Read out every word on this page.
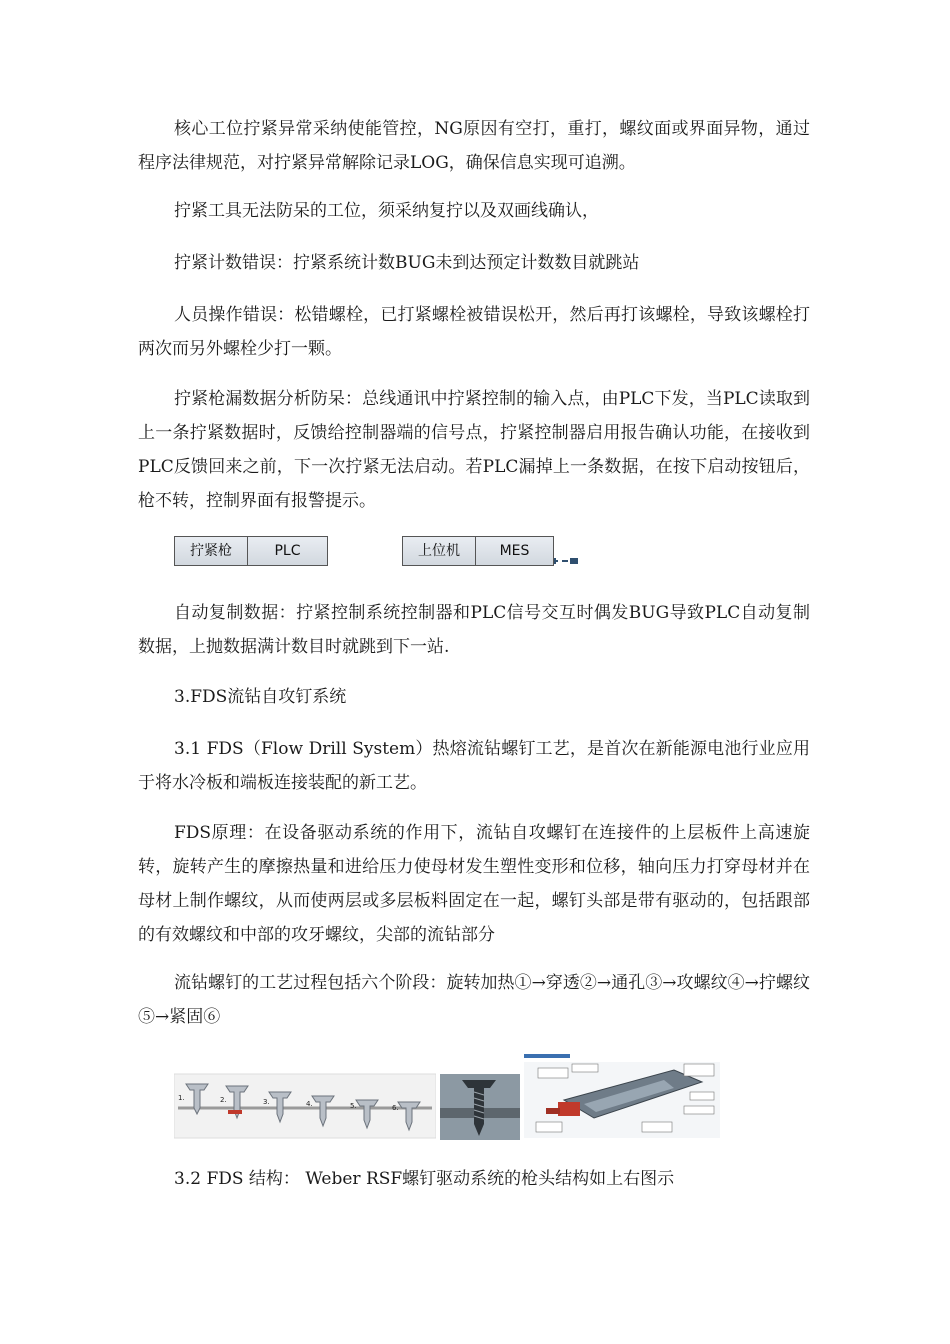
核心工位拧紧异常采纳使能管控，NG原因有空打，重打，螺纹面或界面异物，通过程序法律规范，对拧紧异常解除记录LOG，确保信息实现可追溯。

拧紧工具无法防呆的工位，须采纳复拧以及双画线确认，

拧紧计数错误：拧紧系统计数BUG未到达预定计数数目就跳站

人员操作错误：松错螺栓，已打紧螺栓被错误松开，然后再打该螺栓，导致该螺栓打两次而另外螺栓少打一颗。

拧紧枪漏数据分析防呆：总线通讯中拧紧控制的输入点，由PLC下发，当PLC读取到上一条拧紧数据时，反馈给控制器端的信号点，拧紧控制器启用报告确认功能，在接收到PLC反馈回来之前，下一次拧紧无法启动。若PLC漏掉上一条数据，在按下启动按钮后，枪不转，控制界面有报警提示。

拧紧枪	PLC	上位机	MES

自动复制数据：拧紧控制系统控制器和PLC信号交互时偶发BUG导致PLC自动复制数据，上抛数据满计数目时就跳到下一站.

3.FDS流钻自攻钉系统

3.1 FDS（Flow Drill System）热熔流钻螺钉工艺，是首次在新能源电池行业应用于将水冷板和端板连接装配的新工艺。

FDS原理：在设备驱动系统的作用下，流钻自攻螺钉在连接件的上层板件上高速旋转，旋转产生的摩擦热量和进给压力使母材发生塑性变形和位移，轴向压力打穿母材并在母材上制作螺纹，从而使两层或多层板料固定在一起，螺钉头部是带有驱动的，包括跟部的有效螺纹和中部的攻牙螺纹，尖部的流钻部分

流钻螺钉的工艺过程包括六个阶段：旋转加热①→穿透②→通孔③→攻螺纹④→拧螺纹⑤→紧固⑥

1.	2.	3.	4.	5.	6.

3.2 FDS 结构： Weber RSF螺钉驱动系统的枪头结构如上右图示
